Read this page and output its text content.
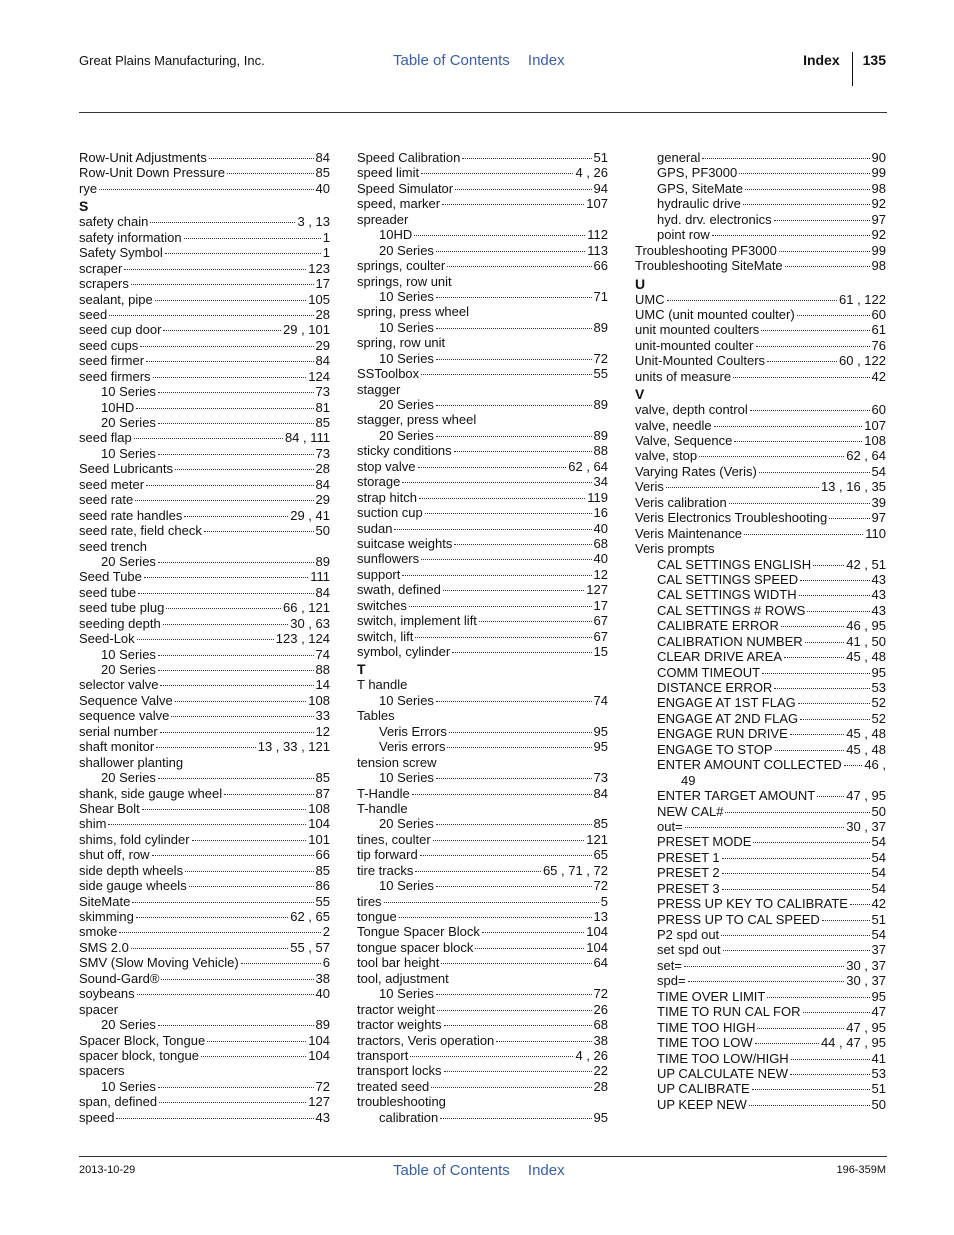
Great Plains Manufacturing, Inc.	Table of Contents Index	Index 135
Row-Unit Adjustments	84
Row-Unit Down Pressure	85
rye	40
S
safety chain	3 , 13
safety information	1
Safety Symbol	1
scraper	123
scrapers	17
sealant, pipe	105
seed	28
seed cup door	29 , 101
seed cups	29
seed firmer	84
seed firmers	124
10 Series	73
10HD	81
20 Series	85
seed flap	84 , 111
10 Series	73
Seed Lubricants	28
seed meter	84
seed rate	29
seed rate handles	29 , 41
seed rate, field check	50
seed trench
20 Series	89
Seed Tube	111
seed tube	84
seed tube plug	66 , 121
seeding depth	30 , 63
Seed-Lok	123 , 124
10 Series	74
20 Series	88
selector valve	14
Sequence Valve	108
sequence valve	33
serial number	12
shaft monitor	13 , 33 , 121
shallower planting
20 Series	85
shank, side gauge wheel	87
Shear Bolt	108
shim	104
shims, fold cylinder	101
shut off, row	66
side depth wheels	85
side gauge wheels	86
SiteMate	55
skimming	62 , 65
smoke	2
SMS 2.0	55 , 57
SMV (Slow Moving Vehicle)	6
Sound-Gard®	38
soybeans	40
spacer
20 Series	89
Spacer Block, Tongue	104
spacer block, tongue	104
spacers
10 Series	72
span, defined	127
speed	43
Speed Calibration	51
speed limit	4 , 26
Speed Simulator	94
speed, marker	107
spreader
10HD	112
20 Series	113
springs, coulter	66
springs, row unit
10 Series	71
spring, press wheel
10 Series	89
spring, row unit
10 Series	72
SSToolbox	55
stagger
20 Series	89
stagger, press wheel
20 Series	89
sticky conditions	88
stop valve	62 , 64
storage	34
strap hitch	119
suction cup	16
sudan	40
suitcase weights	68
sunflowers	40
support	12
swath, defined	127
switches	17
switch, implement lift	67
switch, lift	67
symbol, cylinder	15
T
T handle
10 Series	74
Tables
Veris Errors	95
Veris errors	95
tension screw
10 Series	73
T-Handle	84
T-handle
20 Series	85
tines, coulter	121
tip forward	65
tire tracks	65 , 71 , 72
10 Series	72
tires	5
tongue	13
Tongue Spacer Block	104
tongue spacer block	104
tool bar height	64
tool, adjustment
10 Series	72
tractor weight	26
tractor weights	68
tractors, Veris operation	38
transport	4 , 26
transport locks	22
treated seed	28
troubleshooting
calibration	95
general	90
GPS, PF3000	99
GPS, SiteMate	98
hydraulic drive	92
hyd. drv. electronics	97
point row	92
Troubleshooting PF3000	99
Troubleshooting SiteMate	98
U
UMC	61 , 122
UMC (unit mounted coulter)	60
unit mounted coulters	61
unit-mounted coulter	76
Unit-Mounted Coulters	60 , 122
units of measure	42
V
valve, depth control	60
valve, needle	107
Valve, Sequence	108
valve, stop	62 , 64
Varying Rates (Veris)	54
Veris	13 , 16 , 35
Veris calibration	39
Veris Electronics Troubleshooting	97
Veris Maintenance	110
Veris prompts
CAL SETTINGS ENGLISH	42 , 51
CAL SETTINGS SPEED	43
CAL SETTINGS WIDTH	43
CAL SETTINGS # ROWS	43
CALIBRATE ERROR	46 , 95
CALIBRATION NUMBER	41 , 50
CLEAR DRIVE AREA	45 , 48
COMM TIMEOUT	95
DISTANCE ERROR	53
ENGAGE AT 1ST FLAG	52
ENGAGE AT 2ND FLAG	52
ENGAGE RUN DRIVE	45 , 48
ENGAGE TO STOP	45 , 48
ENTER AMOUNT COLLECTED 46 ,
49
ENTER TARGET AMOUNT 47 , 95
NEW CAL#	50
out=	30 , 37
PRESET MODE	54
PRESET 1	54
PRESET 2	54
PRESET 3	54
PRESS UP KEY TO CALIBRATE 42
PRESS UP TO CAL SPEED	51
P2 spd out	54
set spd out	37
set=	30 , 37
spd=	30 , 37
TIME OVER LIMIT	95
TIME TO RUN CAL FOR	47
TIME TOO HIGH	47 , 95
TIME TOO LOW	44 , 47 , 95
TIME TOO LOW/HIGH	41
UP CALCULATE NEW	53
UP CALIBRATE	51
UP KEEP NEW	50
2013-10-29	Table of Contents Index	196-359M
